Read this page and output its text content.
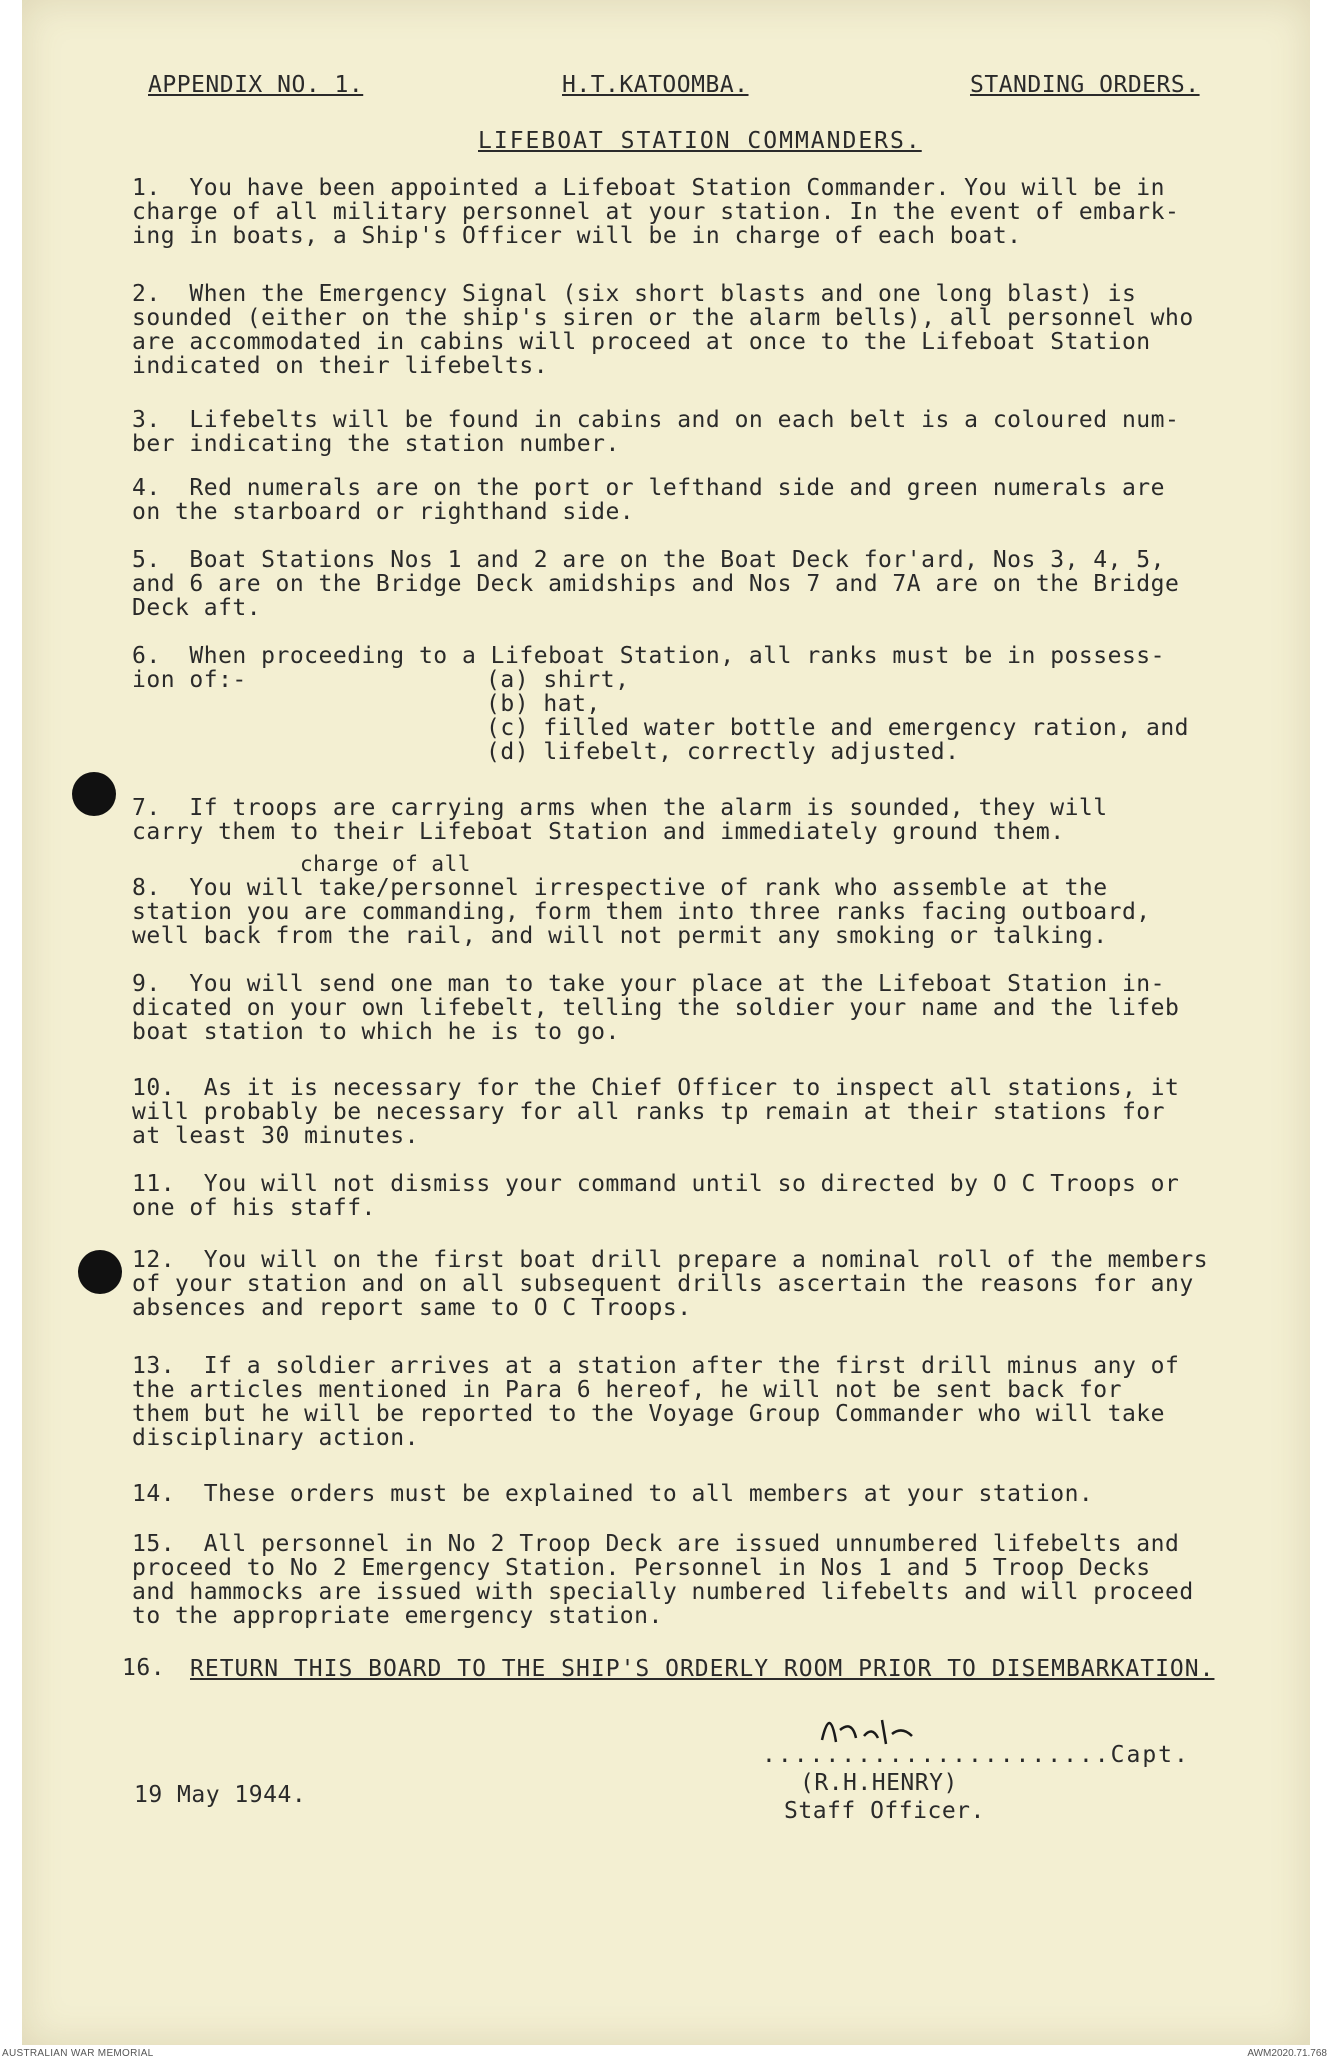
APPENDIX NO. 1.	H.T.KATOOMBA.	STANDING ORDERS.
LIFEBOAT STATION COMMANDERS.
1.  You have been appointed a Lifeboat Station Commander. You will be in
charge of all military personnel at your station. In the event of embark-
ing in boats, a Ship's Officer will be in charge of each boat.
2.  When the Emergency Signal (six short blasts and one long blast) is
sounded (either on the ship's siren or the alarm bells), all personnel who
are accommodated in cabins will proceed at once to the Lifeboat Station
indicated on their lifebelts.
3.  Lifebelts will be found in cabins and on each belt is a coloured num-
ber indicating the station number.
4.  Red numerals are on the port or lefthand side and green numerals are
on the starboard or righthand side.
5.  Boat Stations Nos 1 and 2 are on the Boat Deck for'ard, Nos 3, 4, 5,
and 6 are on the Bridge Deck amidships and Nos 7 and 7A are on the Bridge
Deck aft.
6.  When proceeding to a Lifeboat Station, all ranks must be in possess-
ion of:-	(a) shirt,
(b) hat,
(c) filled water bottle and emergency ration, and
(d) lifebelt, correctly adjusted.
7.  If troops are carrying arms when the alarm is sounded, they will
carry them to their Lifeboat Station and immediately ground them.
charge of all
8.  You will take/personnel irrespective of rank who assemble at the
station you are commanding, form them into three ranks facing outboard,
well back from the rail, and will not permit any smoking or talking.
9.  You will send one man to take your place at the Lifeboat Station in-
dicated on your own lifebelt, telling the soldier your name and the lifeb
boat station to which he is to go.
10.  As it is necessary for the Chief Officer to inspect all stations, it
will probably be necessary for all ranks tp remain at their stations for
at least 30 minutes.
11.  You will not dismiss your command until so directed by O C Troops or
one of his staff.
12.  You will on the first boat drill prepare a nominal roll of the members
of your station and on all subsequent drills ascertain the reasons for any
absences and report same to O C Troops.
13.  If a soldier arrives at a station after the first drill minus any of
the articles mentioned in Para 6 hereof, he will not be sent back for
them but he will be reported to the Voyage Group Commander who will take
disciplinary action.
14.  These orders must be explained to all members at your station.
15.  All personnel in No 2 Troop Deck are issued unnumbered lifebelts and
proceed to No 2 Emergency Station. Personnel in Nos 1 and 5 Troop Decks
and hammocks are issued with specially numbered lifebelts and will proceed
to the appropriate emergency station.
16. RETURN THIS BOARD TO THE SHIP'S ORDERLY ROOM PRIOR TO DISEMBARKATION.
......................Capt.
(R.H.HENRY)
Staff Officer.
19 May 1944.
AUSTRALIAN WAR MEMORIAL	AWM2020.71.768
